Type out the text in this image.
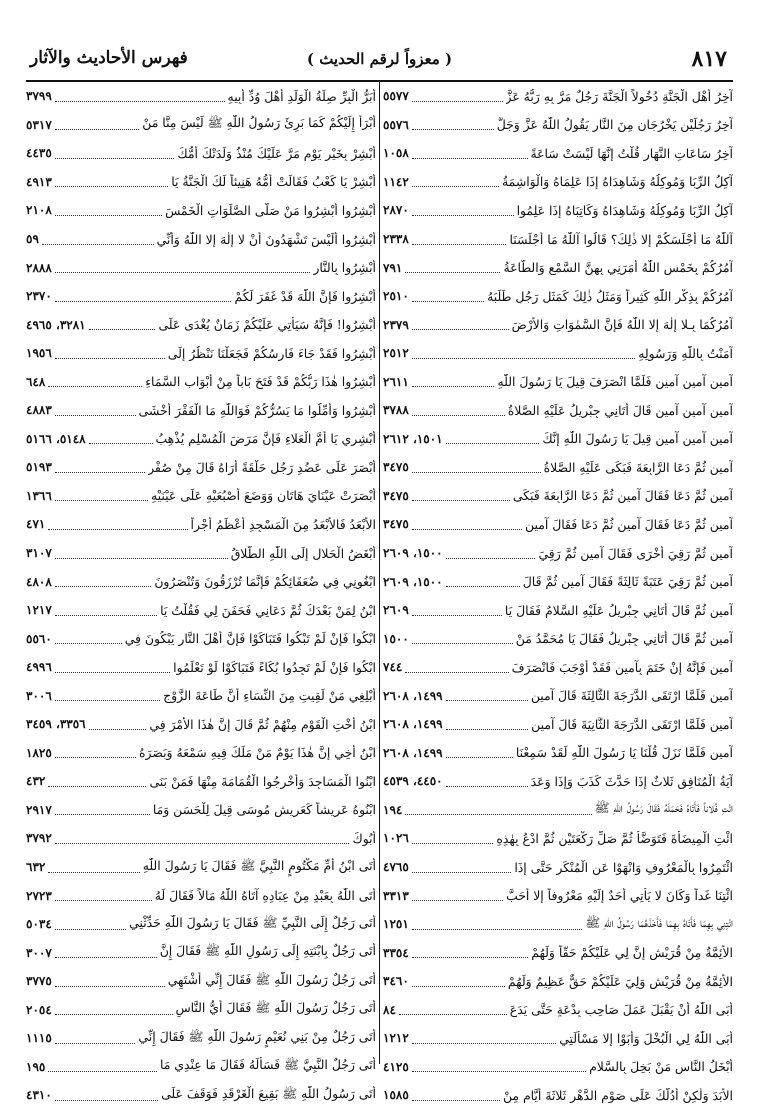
٨١٧
( معزواً لرقم الحديث )
فهرس الأحاديث والآثار
آخِرُ أَهْلِ الْجَنَّةِ دُخُولاً الْجَنَّةَ رَجُلٌ مَرَّ بِهِ رَبُّهُ عَزَّ
٥٥٧٧
آخِرُ رَجُلَيْنِ يَخْرُجَانِ مِنَ النَّارِ يَقُولُ اللّٰهُ عَزَّ وَجَلَّ
٥٥٧٦
آخِرُ سَاعَاتِ النَّهَارِ قُلْتُ إِنَّهَا لَيْسَتْ سَاعَةً
١٠٥٨
آكِلُ الرِّبَا وَمُوكِلُهُ وَشَاهِدَاهُ إِذَا عَلِمَاهُ وَالْوَاشِمَةُ
١١٤٢
آكِلُ الرِّبَا وَمُوكِلُهُ وَشَاهِدَاهُ وَكَاتِبَاهُ إِذَا عَلِمُوا
٢٨٧٠
آللّٰهُ مَا أَجْلَسَكُمْ إِلا ذٰلِكَ؟ قَالُوا آللّٰهُ مَا أَجْلَسَنَا
٢٣٣٨
آمُرُكُمْ بِخَمْسٍ اللّٰهُ أَمَرَنِي بِهِنَّ السَّمْعِ وَالطَّاعَةُ
٧٩١
آمُرُكُمْ بِذِكْرِ اللّٰهِ كَثِيراً وَمَثَلُ ذٰلِكَ كَمَثَلِ رَجُلٍ طَلَبَهُ
٢٥١٠
آمُرُكُمَا بِـلا إِلٰهَ إِلا اللّٰهُ فَإِنَّ السَّمٰوَاتِ وَالأَرْضَ
٢٣٧٩
آمَنْتُ بِاللّٰهِ وَرَسُولِهِ
٢٥١٢
آمين آمين آمين فَلَمَّا انْصَرَفَ قِيلَ يَا رَسُولَ اللّٰهِ
٢٦١١
آمين آمين آمين قَالَ أَتَانِي جِبْرِيلُ عَلَيْهِ الصَّلاةُ
٣٧٨٨
آمين آمين آمين قِيلَ يَا رَسُولَ اللّٰهِ إِنَّكَ
١٥٠١، ٢٦١٢
آمين ثُمَّ دَعَا الرَّابِعَةَ فَبَكَى عَلَيْهِ الصَّلاةُ
٣٤٧٥
آمين ثُمَّ دَعَا فَقَالَ آمين ثُمَّ دَعَا الرَّابِعَةَ فَبَكَى
٣٤٧٥
آمين ثُمَّ دَعَا فَقَالَ آمين ثُمَّ دَعَا فَقَالَ آمين
٣٤٧٥
آمين ثُمَّ رَقِيَ أُخْرَى فَقَالَ آمين ثُمَّ رَقِيَ
١٥٠٠، ٢٦٠٩
آمين ثُمَّ رَقِيَ عَتَبَةً ثَالِثَةً فَقَالَ آمين ثُمَّ قَالَ
١٥٠٠، ٢٦٠٩
آمين ثُمَّ قَالَ أَتَانِي جِبْرِيلُ عَلَيْهِ السَّلامُ فَقَالَ يَا
٢٦٠٩
آمين ثُمَّ قَالَ أَتَانِي جِبْرِيلُ فَقَالَ يَا مُحَمَّدُ مَنْ
١٥٠٠
آمين فَإِنَّهُ إِنْ خَتَمَ بِآمين فَقَدْ أَوْجَبَ فَانْصَرَفَ
٧٤٤
آمين فَلَمَّا ارْتَقَى الدَّرَجَةَ الثَّالِثَةَ قَالَ آمين
١٤٩٩، ٢٦٠٨
آمين فَلَمَّا ارْتَقَى الدَّرَجَةَ الثَّانِيَةَ قَالَ آمين
١٤٩٩، ٢٦٠٨
آمين فَلَمَّا نَزَلَ قُلْنَا يَا رَسُولَ اللّٰهِ لَقَدْ سَمِعْنَا
١٤٩٩، ٢٦٠٨
آيَةُ الْمُنَافِقِ ثَلاثٌ إِذَا حَدَّثَ كَذَبَ وَإِذَا وَعَدَ
٤٤٥٠، ٤٥٣٩
ائْتِ فُلاناً فَأَتَاهُ فَحَمَلَهُ فَقَالَ رَسُولُ اللّٰهِ ﷺ
١٩٤
ائْتِ الْمِيضَأَةَ فَتَوَضَّأْ ثُمَّ صَلِّ رَكْعَتَيْنِ ثُمَّ ادْعُ بِهٰذِهِ
١٠٢٦
ائْتَمِرُوا بِالْمَعْرُوفِ وَانْهَوْا عَنِ الْمُنْكَرِ حَتَّى إِذَا
٤٧٦٥
ائْتِنَا غَداً وَكَانَ لا يَأْتِي أَحَدٌ إِلَيْهِ مَعْرُوفاً إِلا أَحَبَّ
٣٣١٣
ائْتِنِي بِهِمَا فَأَتَاهُ بِهِمَا فَأَخَذَهُمَا رَسُولُ اللّٰهِ ﷺ
١٢٥١
الأَئِمَّةُ مِنْ قُرَيْشٍ إِنَّ لِي عَلَيْكُمْ حَقّاً وَلَهُمْ
٣٣٥٤
الأَئِمَّةُ مِنْ قُرَيْشٍ وَلِيَ عَلَيْكُمْ حَقٌّ عَظِيمٌ وَلَهُمْ
٣٤٦٠
أَبَى اللّٰهُ أَنْ يَقْبَلَ عَمَلَ صَاحِبِ بِدْعَةٍ حَتَّى يَدَعَ
٨٤
أَبَى اللّٰهُ لِي الْبُخْلَ وَأَبَوْا إِلا مَسْأَلَتِي
١٢١٢
أَبْخَلُ النَّاسِ مَنْ بَخِلَ بِالسَّلامِ
٤١٢٥
الأَبَدَ وَلٰكِنْ أَدُلُّكَ عَلَى صَوْمِ الدَّهْرِ ثَلاثَةَ أَيَّامٍ مِنْ
١٥٨٥
أَبَرُّ الْبِرِّ صِلَةُ الْوَلَدِ أَهْلَ وُدِّ أَبِيهِ
٣٧٩٩
أَبْرَأُ إِلَيْكُمْ كَمَا بَرِئَ رَسُولُ اللّٰهِ ﷺ لَيْسَ مِنَّا مَنْ
٥٣١٧
أَبْشِرْ بِخَيْرِ يَوْمٍ مَرَّ عَلَيْكَ مُنْذُ وَلَدَتْكَ أُمُّكَ
٤٤٣٥
أَبْشِرْ يَا كَعْبُ فَقَالَتْ أُمُّهُ هَنِيئاً لَكَ الْجَنَّةُ يَا
٤٩١٣
أَبْشِرُوا أَبْشِرُوا مَنْ صَلَّى الصَّلَوَاتِ الْخَمْسَ
٢١٠٨
أَبْشِرُوا أَلَيْسَ تَشْهَدُونَ أَنْ لا إِلٰهَ إِلا اللّٰهُ وَأَنِّي
٥٩
أَبْشِرُوا بِالنَّارِ
٢٨٨٨
أَبْشِرُوا فَإِنَّ اللّٰهَ قَدْ غَفَرَ لَكُمْ
٢٣٧٠
أَبْشِرُوا! فَإِنَّهُ سَيَأْتِي عَلَيْكُمْ زَمَانٌ يُغْدَى عَلَى
٣٢٨١، ٤٩٦٥
أَبْشِرُوا فَقَدْ جَاءَ فَارِسُكُمْ فَجَعَلْنَا نَنْظُرُ إِلَى
١٩٥٦
أَبْشِرُوا هٰذَا رَبُّكُمْ قَدْ فَتَحَ بَاباً مِنْ أَبْوَابِ السَّمَاءِ
٦٤٨
أَبْشِرُوا وَأَمِّلُوا مَا يَسُرُّكُمْ فَوَاللّٰهِ مَا الْفَقْرَ أَخْشَى
٤٨٨٣
أَبْشِرِي يَا أُمَّ الْعَلاءِ فَإِنَّ مَرَضَ الْمُسْلِمِ يُذْهِبُ
٥١٤٨، ٥١٦٦
أَبْصَرَ عَلَى عَضُدِ رَجُلٍ حَلْقَةً أُرَاهُ قَالَ مِنْ صُفْرٍ
٥١٩٣
أَبْصَرَتْ عَيْنَايَ هَاتَانِ وَوَضَعَ أُصْبُعَيْهِ عَلَى عَيْنَيْهِ
١٣٦٦
الأَبْعَدُ فَالأَبْعَدُ مِنَ الْمَسْجِدِ أَعْظَمُ أَجْراً
٤٧١
أَبْغَضُ الْحَلالِ إِلَى اللّٰهِ الطَّلاقُ
٣١٠٧
ابْغُونِي فِي ضُعَفَائِكُمْ فَإِنَّمَا تُرْزَقُونَ وَتُنْصَرُونَ
٤٨٠٨
ابْنُ لِمَنْ بَعْدَكَ ثُمَّ دَعَانِي فَحَفَنَ لِي فَقُلْتُ يَا
١٢١٧
ابْكُوا فَإِنْ لَمْ تَبْكُوا فَتَبَاكَوْا فَإِنَّ أَهْلَ النَّارِ يَبْكُونَ فِي
٥٥٦٠
ابْكُوا فَإِنْ لَمْ تَجِدُوا بُكَاءً فَتَبَاكَوْا لَوْ تَعْلَمُوا
٤٩٩٦
أَبْلِغِي مَنْ لَقِيتِ مِنَ النِّسَاءِ أَنَّ طَاعَةَ الزَّوْجِ
٣٠٠٦
ابْنُ أُخْتِ الْقَوْمِ مِنْهُمْ ثُمَّ قَالَ إِنَّ هٰذَا الأَمْرَ فِي
٣٣٥٦، ٣٤٥٩
ابْنُ أَخِي إِنَّ هٰذَا يَوْمٌ مَنْ مَلَكَ فِيهِ سَمْعَهُ وَبَصَرَهُ
١٨٢٥
ابْنُوا الْمَسَاجِدَ وَأَخْرِجُوا الْقُمَامَةَ مِنْهَا فَمَنْ بَنَى
٤٣٢
ابْنُوهُ عَرِيشاً كَعَرِيشِ مُوسَى قِيلَ لِلْحَسَنِ وَمَا
٢٩١٧
أَبُوكَ
٣٧٩٢
أَتَى ابْنُ أُمِّ مَكْتُومٍ النَّبِيَّ ﷺ فَقَالَ يَا رَسُولَ اللّٰهِ
٦٣٢
أَتَى اللّٰهُ بِعَبْدٍ مِنْ عِبَادِهِ آتَاهُ اللّٰهُ مَالاً فَقَالَ لَهُ
٢٧٢٣
أَتَى رَجُلٌ إِلَى النَّبِيِّ ﷺ فَقَالَ يَا رَسُولَ اللّٰهِ حَدِّثْنِي
٥٠٣٤
أَتَى رَجُلٌ بِابْنَتِهِ إِلَى رَسُولِ اللّٰهِ ﷺ فَقَالَ إِنَّ
٣٠٠٧
أَتَى رَجُلٌ رَسُولَ اللّٰهِ ﷺ فَقَالَ إِنِّي أَشْتَهِي
٣٧٧٥
أَتَى رَجُلٌ رَسُولَ اللّٰهِ ﷺ فَقَالَ أَيُّ النَّاسِ
٢٠٥٤
أَتَى رَجُلٌ مِنْ بَنِي نُعَيْمٍ رَسُولَ اللّٰهِ ﷺ فَقَالَ إِنِّي
١١١٥
أَتَى رَجُلٌ النَّبِيَّ ﷺ فَسَأَلَهُ فَقَالَ مَا عِنْدِي مَا
١٩٥
أَتَى رَسُولُ اللّٰهِ ﷺ بَقِيعَ الْغَرْقَدِ فَوَقَفَ عَلَى
٤٣١٠
